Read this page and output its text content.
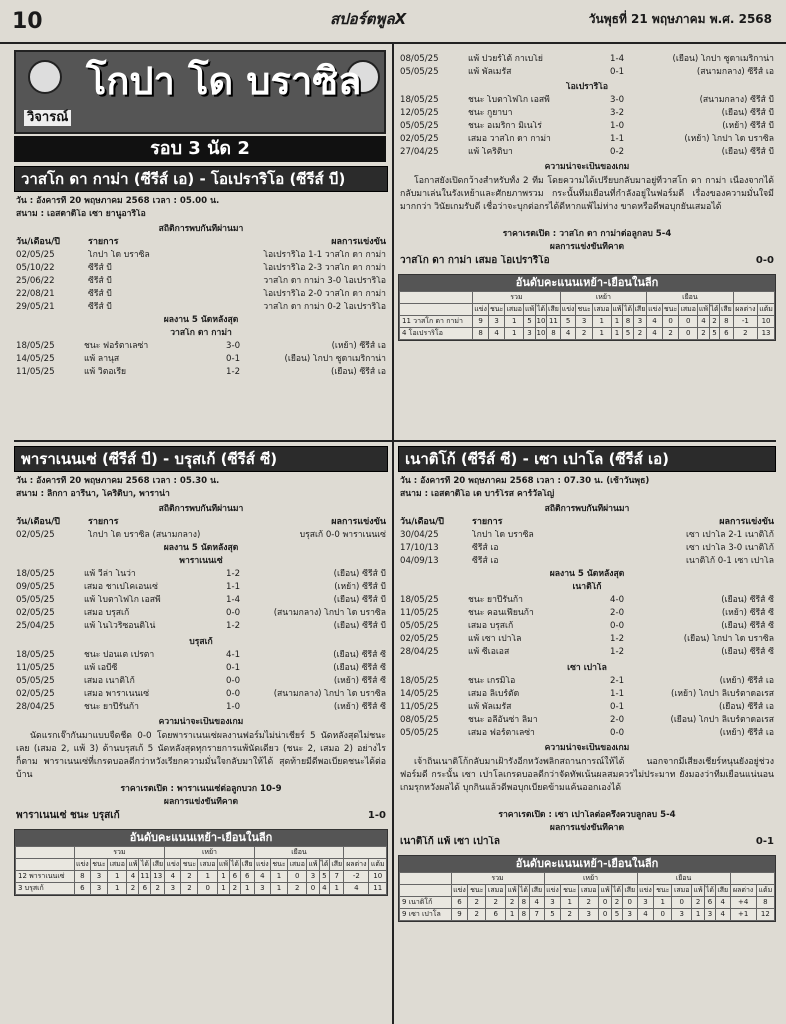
10	สปอร์ตพูลX	วันพุธที่ 21 พฤษภาคม พ.ศ. 2568
โกปา โด บราซิล
วิจารณ์
รอบ 3 นัด 2
วาสโก ดา กาม่า (ซีรีส์ เอ) - โอเปราริโอ (ซีรีส์ บี)
วัน : อังคารที่ 20 พฤษภาคม 2568 เวลา : 05.00 น.
สนาม : เอสตาดิโอ เซา ยานูอาริโอ
สถิติการพบกันที่ผ่านมา
วัน/เดือน/ปี	รายการ	ผลการแข่งขัน
02/05/25	โกปา โด บราซิล	โอเปราริโอ 1-1 วาสโก ดา กาม่า
05/10/22	ซีรีส์ บี	โอเปราริโอ 2-3 วาสโก ดา กาม่า
25/06/22	ซีรีส์ บี	วาสโก ดา กาม่า 3-0 โอเปราริโอ
22/08/21	ซีรีส์ บี	โอเปราริโอ 2-0 วาสโก ดา กาม่า
29/05/21	ซีรีส์ บี	วาสโก ดา กาม่า 0-2 โอเปราริโอ
ผลงาน 5 นัดหลังสุด
วาสโก ดา กาม่า
18/05/25	ชนะ ฟอร์ตาเลซ่า	3-0	(เหย้า) ซีรีส์ เอ
14/05/25	แพ้ ลานุส	0-1	(เยือน) โกปา ซูดาเมริกาน่า
11/05/25	แพ้ วิตอเรีย	1-2	(เยือน) ซีรีส์ เอ
08/05/25	แพ้ ปวยร์โต้ กาเบโย่	1-4	(เยือน) โกปา ซูดาเมริกาน่า
05/05/25	แพ้ พัลเมรัส	0-1	(สนามกลาง) ซีรีส์ เอ
โอเปราริโอ
18/05/25	ชนะ โบตาโฟโก เอสพี	3-0	(สนามกลาง) ซีรีส์ บี
12/05/25	ชนะ กูยาบา	3-2	(เยือน) ซีรีส์ บี
05/05/25	ชนะ อเมริกา มิเนโร่	1-0	(เหย้า) ซีรีส์ บี
02/05/25	เสมอ วาสโก ดา กาม่า	1-1	(เหย้า) โกปา โด บราซิล
27/04/25	แพ้ โคริติบา	0-2	(เยือน) ซีรีส์ บี
ความน่าจะเป็นของเกม
โอกาสยังเปิดกว้างสำหรับทั้ง 2 ทีม โดยความได้เปรียบกลับมาอยู่ที่วาสโก ดา กาม่า เนื่องจากได้กลับมาเล่นในรังเหย้าและศักยภาพรวม กระนั้นทีมเยือนที่กำลังอยู่ในฟอร์มดี เรื่องของความมั่นใจมีมากกว่า วินัยเกมรับดี เชื่อว่าจะบุกต่อกรได้ดีหากแพ้ไม่ห่าง ขาดหรือดีพอบุกยันเสมอได้
ราคาเรตเปิด : วาสโก ดา กาม่าต่อลูกลบ 5-4
ผลการแข่งขันที่คาด
วาสโก ดา กาม่า เสมอ โอเปราริโอ	0-0
อันดับคะแนนเหย้า-เยือนในลีก
	รวม						เหย้า						เยือน							
	แข่ง	ชนะ	เสมอ	แพ้	ได้	เสีย	แข่ง	ชนะ	เสมอ	แพ้	ได้	เสีย	แข่ง	ชนะ	เสมอ	แพ้	ได้	เสีย	ผลต่าง	แต้ม
11 วาสโก ดา กาม่า	9	3	1	5	10	11	5	3	1	1	8	3	4	0	0	4	2	8	-1	10
4 โอเปราริโอ	8	4	1	3	10	8	4	2	1	1	5	2	4	2	0	2	5	6	2	13
พาราเนนเซ่ (ซีรีส์ บี) - บรุสเก้ (ซีรีส์ ซี)
วัน : อังคารที่ 20 พฤษภาคม 2568 เวลา : 05.30 น.
สนาม : ลิกกา อารีนา, โคริติบา, พาราน่า
สถิติการพบกันที่ผ่านมา
วัน/เดือน/ปี	รายการ	ผลการแข่งขัน
02/05/25	โกปา โด บราซิล (สนามกลาง)	บรุสเก้ 0-0 พาราเนนเซ่
ผลงาน 5 นัดหลังสุด
พาราเนนเซ่
18/05/25	แพ้ วีล่า โนว่า	1-2	(เยือน) ซีรีส์ บี
09/05/25	เสมอ ชาเปโคเอนเซ่	1-1	(เหย้า) ซีรีส์ บี
05/05/25	แพ้ โบตาโฟโก เอสพี	1-4	(เยือน) ซีรีส์ บี
02/05/25	เสมอ บรุสเก้	0-0	(สนามกลาง) โกปา โด บราซิล
25/04/25	แพ้ โนโวริซอนติโน่	1-2	(เยือน) ซีรีส์ บี
บรุสเก้
18/05/25	ชนะ ปอนเต เปรตา	4-1	(เยือน) ซีรีส์ ซี
11/05/25	แพ้ เอบีซี	0-1	(เยือน) ซีรีส์ ซี
05/05/25	เสมอ เนาติโก้	0-0	(เหย้า) ซีรีส์ ซี
02/05/25	เสมอ พาราเนนเซ่	0-0	(สนามกลาง) โกปา โด บราซิล
28/04/25	ชนะ ยาปีรันก้า	1-0	(เหย้า) ซีรีส์ ซี
ความน่าจะเป็นของเกม
นัดแรกเจ๊ากันมาแบบจืดชืด 0-0 โดยพาราเนนเซ่ผลงานฟอร์มไม่น่าเชียร์ 5 นัดหลังสุดไม่ชนะเลย (เสมอ 2, แพ้ 3) ด้านบรุสเก้ 5 นัดหลังสุดทุกรายการแพ้นัดเดียว (ชนะ 2, เสมอ 2) อย่างไรก็ตาม พาราเนนเซ่ที่เกรดบอลดีกว่าหวังเรียกความมั่นใจกลับมาให้ได้ สุดท้ายมีดีพอเบียดชนะได้ต่อบ้าน
ราคาเรตเปิด : พาราเนนเซ่ต่อลูกบวก 10-9
ผลการแข่งขันที่คาด
พาราเนนเซ่ ชนะ บรุสเก้	1-0
อันดับคะแนนเหย้า-เยือนในลีก
	รวม						เหย้า						เยือน							
	แข่ง	ชนะ	เสมอ	แพ้	ได้	เสีย	แข่ง	ชนะ	เสมอ	แพ้	ได้	เสีย	แข่ง	ชนะ	เสมอ	แพ้	ได้	เสีย	ผลต่าง	แต้ม
12 พาราเนนเซ่	8	3	1	4	11	13	4	2	1	1	6	6	4	1	0	3	5	7	-2	10
3 บรุสเก้	6	3	1	2	6	2	3	2	0	1	2	1	3	1	2	0	4	1	4	11
เนาติโก้ (ซีรีส์ ซี) - เซา เปาโล (ซีรีส์ เอ)
วัน : อังคารที่ 20 พฤษภาคม 2568 เวลา : 07.30 น. (เช้าวันพุธ)
สนาม : เอสตาดิโอ เด บาร์โรส คาร์วัลโญ่
สถิติการพบกันที่ผ่านมา
วัน/เดือน/ปี	รายการ	ผลการแข่งขัน
30/04/25	โกปา โด บราซิล	เซา เปาโล 2-1 เนาติโก้
17/10/13	ซีรีส์ เอ	เซา เปาโล 3-0 เนาติโก้
04/09/13	ซีรีส์ เอ	เนาติโก้ 0-1 เซา เปาโล
ผลงาน 5 นัดหลังสุด
เนาติโก้
18/05/25	ชนะ ยาปีรันก้า	4-0	(เยือน) ซีรีส์ ซี
11/05/25	ชนะ คอนเฟียนก้า	2-0	(เหย้า) ซีรีส์ ซี
05/05/25	เสมอ บรุสเก้	0-0	(เยือน) ซีรีส์ ซี
02/05/25	แพ้ เซา เปาโล	1-2	(เยือน) โกปา โด บราซิล
28/04/25	แพ้ ซีเอเอส	1-2	(เยือน) ซีรีส์ ซี
เซา เปาโล
18/05/25	ชนะ เกรมิโอ	2-1	(เหย้า) ซีรีส์ เอ
14/05/25	เสมอ ลิเบร์ตัด	1-1	(เหย้า) โกปา ลิเบร์ตาดอเรส
11/05/25	แพ้ พัลเมรัส	0-1	(เยือน) ซีรีส์ เอ
08/05/25	ชนะ อลีอันซ่า ลิมา	2-0	(เยือน) โกปา ลิเบร์ตาดอเรส
05/05/25	เสมอ ฟอร์ตาเลซ่า	0-0	(เหย้า) ซีรีส์ เอ
ความน่าจะเป็นของเกม
เจ้าถิ่นเนาติโก้กลับมาเฝ้ารังอีกหวังพลิกสถานการณ์ให้ได้ นอกจากมีเสียงเชียร์หนุนยังอยู่ช่วงฟอร์มดี กระนั้น เซา เปาโลเกรดบอลดีกว่าจัดทัพเน้นผลสมควรไม่ประมาท ยังมองว่าทีมเยือนแน่นอนเกมรุกหวังผลได้ บุกกินแล้วดีพอบุกเบียดข้ามแค้นออกเองได้
ราคาเรตเปิด : เซา เปาโลต่อครึ่งควบลูกลบ 5-4
ผลการแข่งขันที่คาด
เนาติโก้ แพ้ เซา เปาโล	0-1
อันดับคะแนนเหย้า-เยือนในลีก
	รวม						เหย้า						เยือน							
	แข่ง	ชนะ	เสมอ	แพ้	ได้	เสีย	แข่ง	ชนะ	เสมอ	แพ้	ได้	เสีย	แข่ง	ชนะ	เสมอ	แพ้	ได้	เสีย	ผลต่าง	แต้ม
9 เนาติโก้	6	2	2	2	8	4	3	1	2	0	2	0	3	1	0	2	6	4	+4	8
9 เซา เปาโล	9	2	6	1	8	7	5	2	3	0	5	3	4	0	3	1	3	4	+1	12
